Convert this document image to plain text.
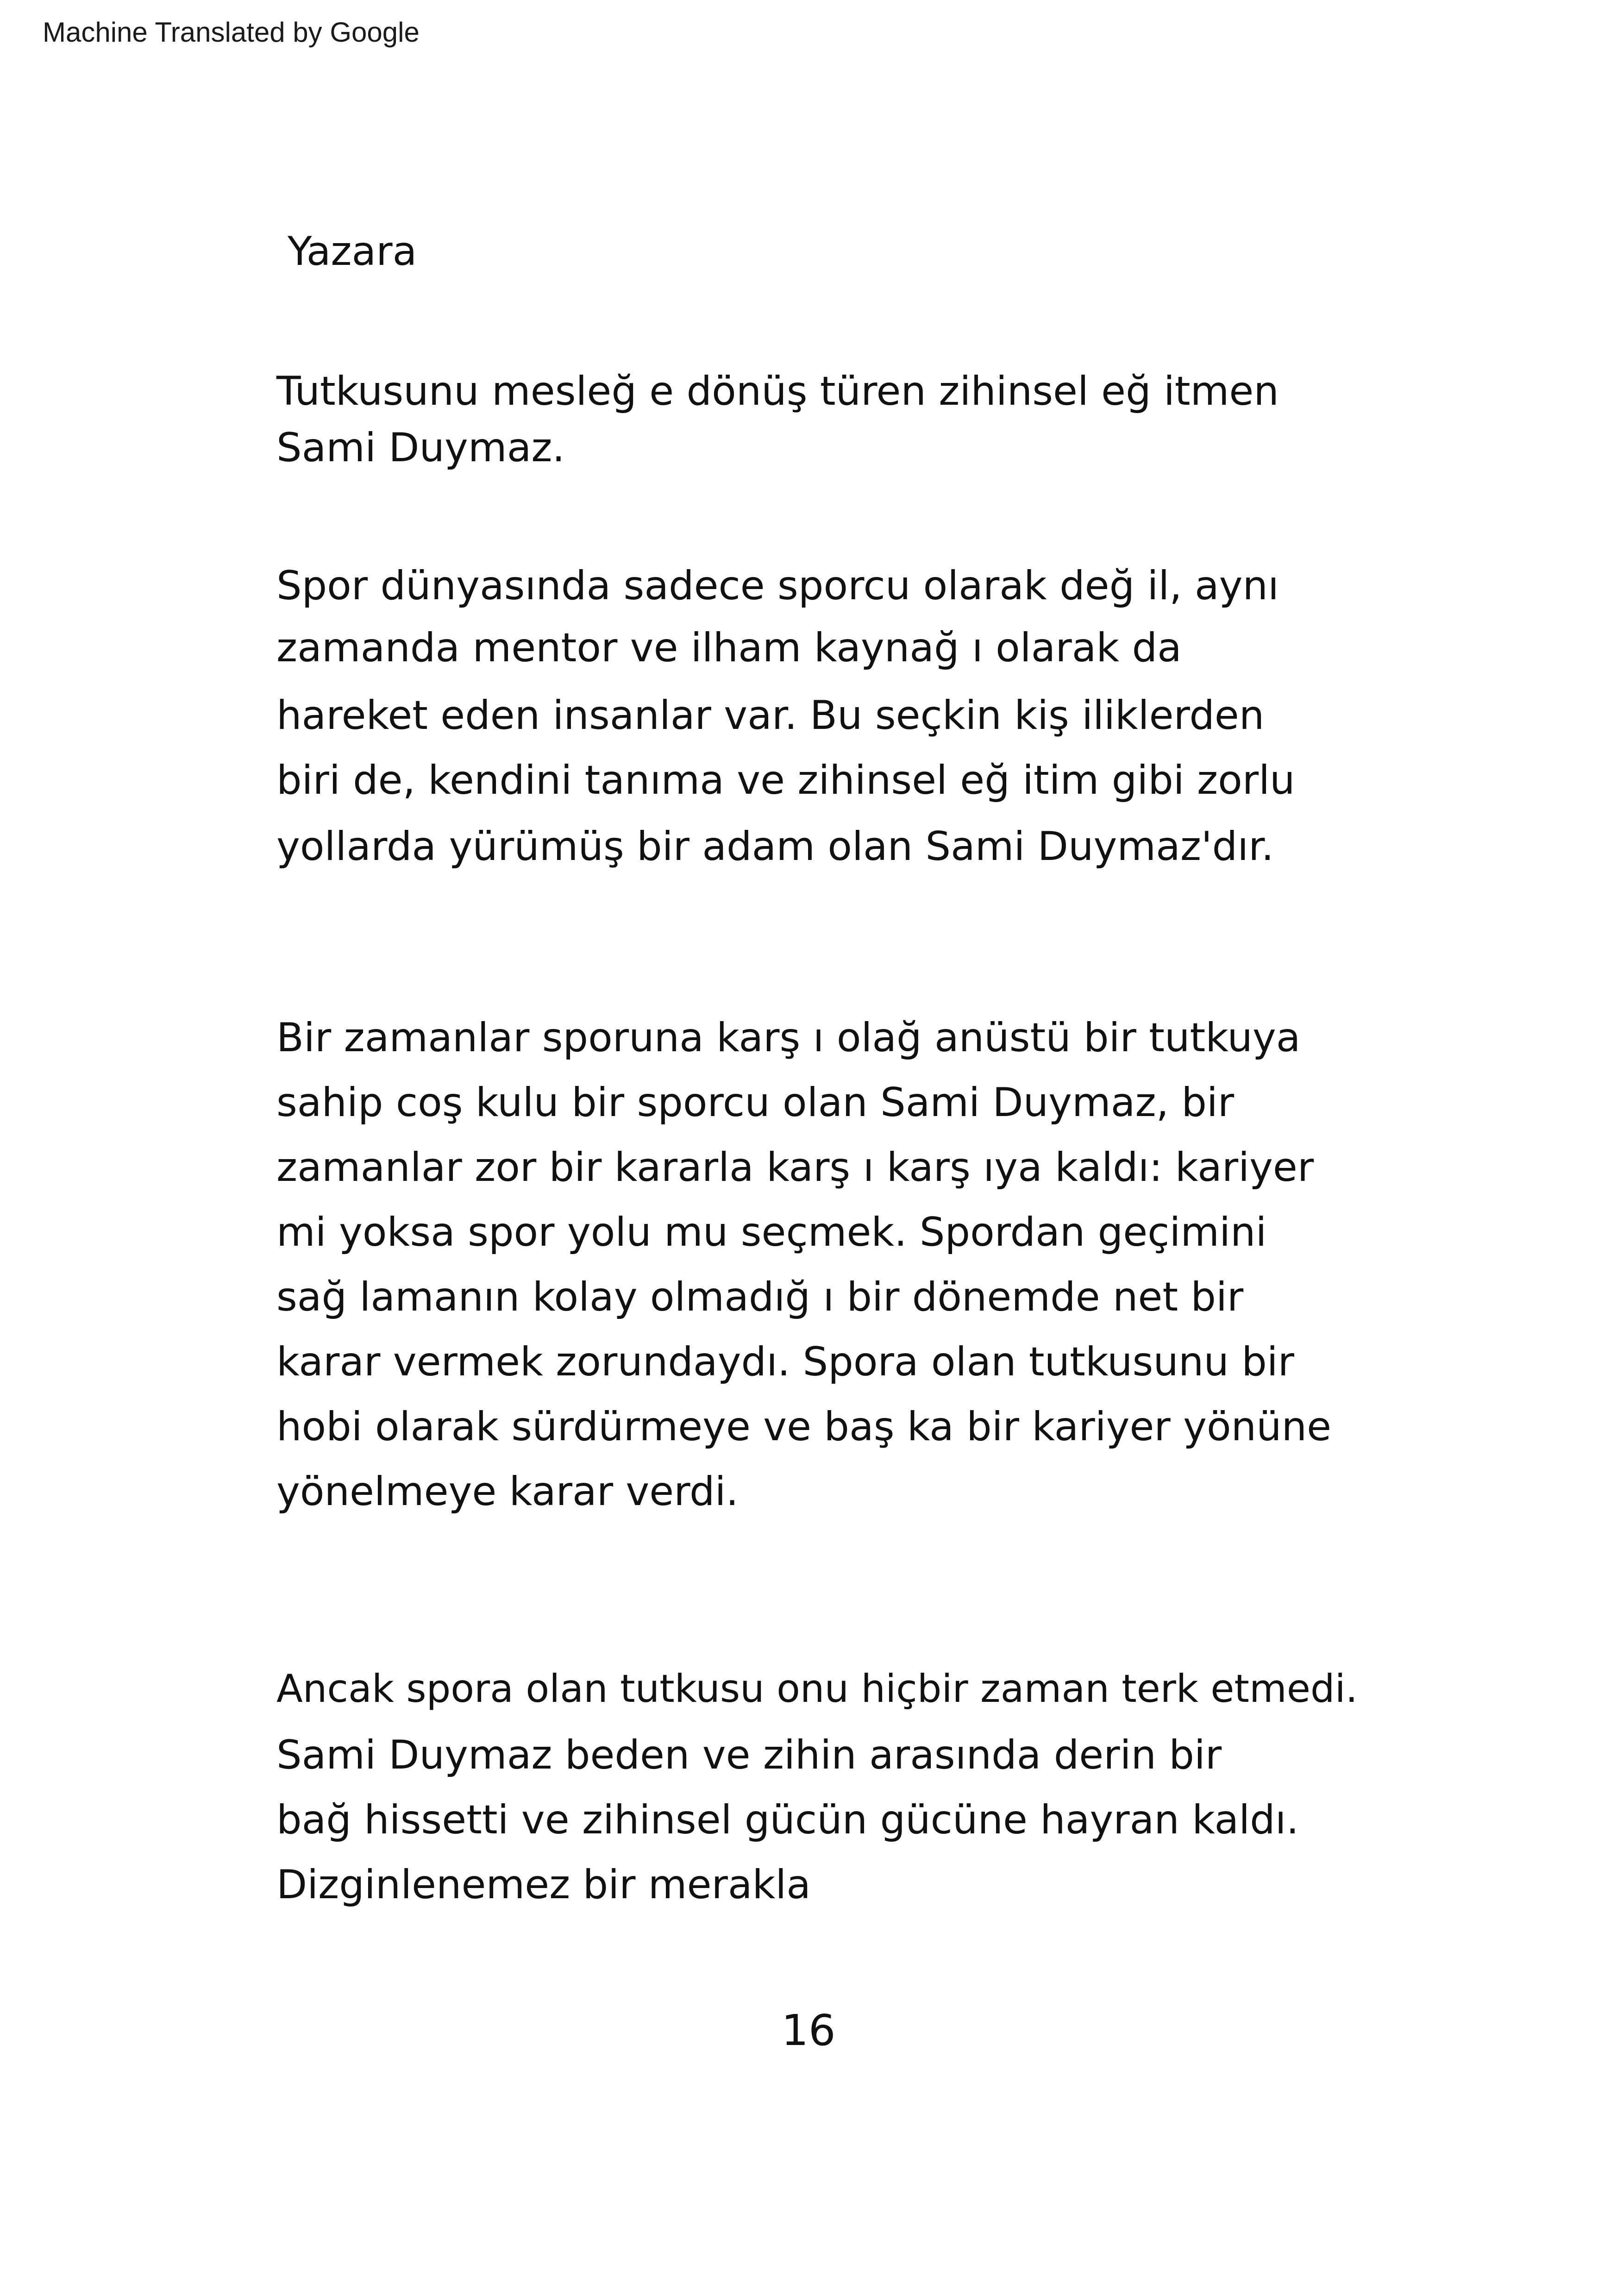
Machine Translated by Google
Yazara
Tutkusunu mesleğ e dönüş türen zihinsel eğ itmen
Sami Duymaz.
Spor dünyasında sadece sporcu olarak değ il, aynı
zamanda mentor ve ilham kaynağ ı olarak da
hareket eden insanlar var. Bu seçkin kiş iliklerden
biri de, kendini tanıma ve zihinsel eğ itim gibi zorlu
yollarda yürümüş bir adam olan Sami Duymaz'dır.
Bir zamanlar sporuna karş ı olağ anüstü bir tutkuya
sahip coş kulu bir sporcu olan Sami Duymaz, bir
zamanlar zor bir kararla karş ı karş ıya kaldı: kariyer
mi yoksa spor yolu mu seçmek. Spordan geçimini
sağ lamanın kolay olmadığ ı bir dönemde net bir
karar vermek zorundaydı. Spora olan tutkusunu bir
hobi olarak sürdürmeye ve baş ka bir kariyer yönüne
yönelmeye karar verdi.
Ancak spora olan tutkusu onu hiçbir zaman terk etmedi.
Sami Duymaz beden ve zihin arasında derin bir
bağ hissetti ve zihinsel gücün gücüne hayran kaldı.
Dizginlenemez bir merakla
16
